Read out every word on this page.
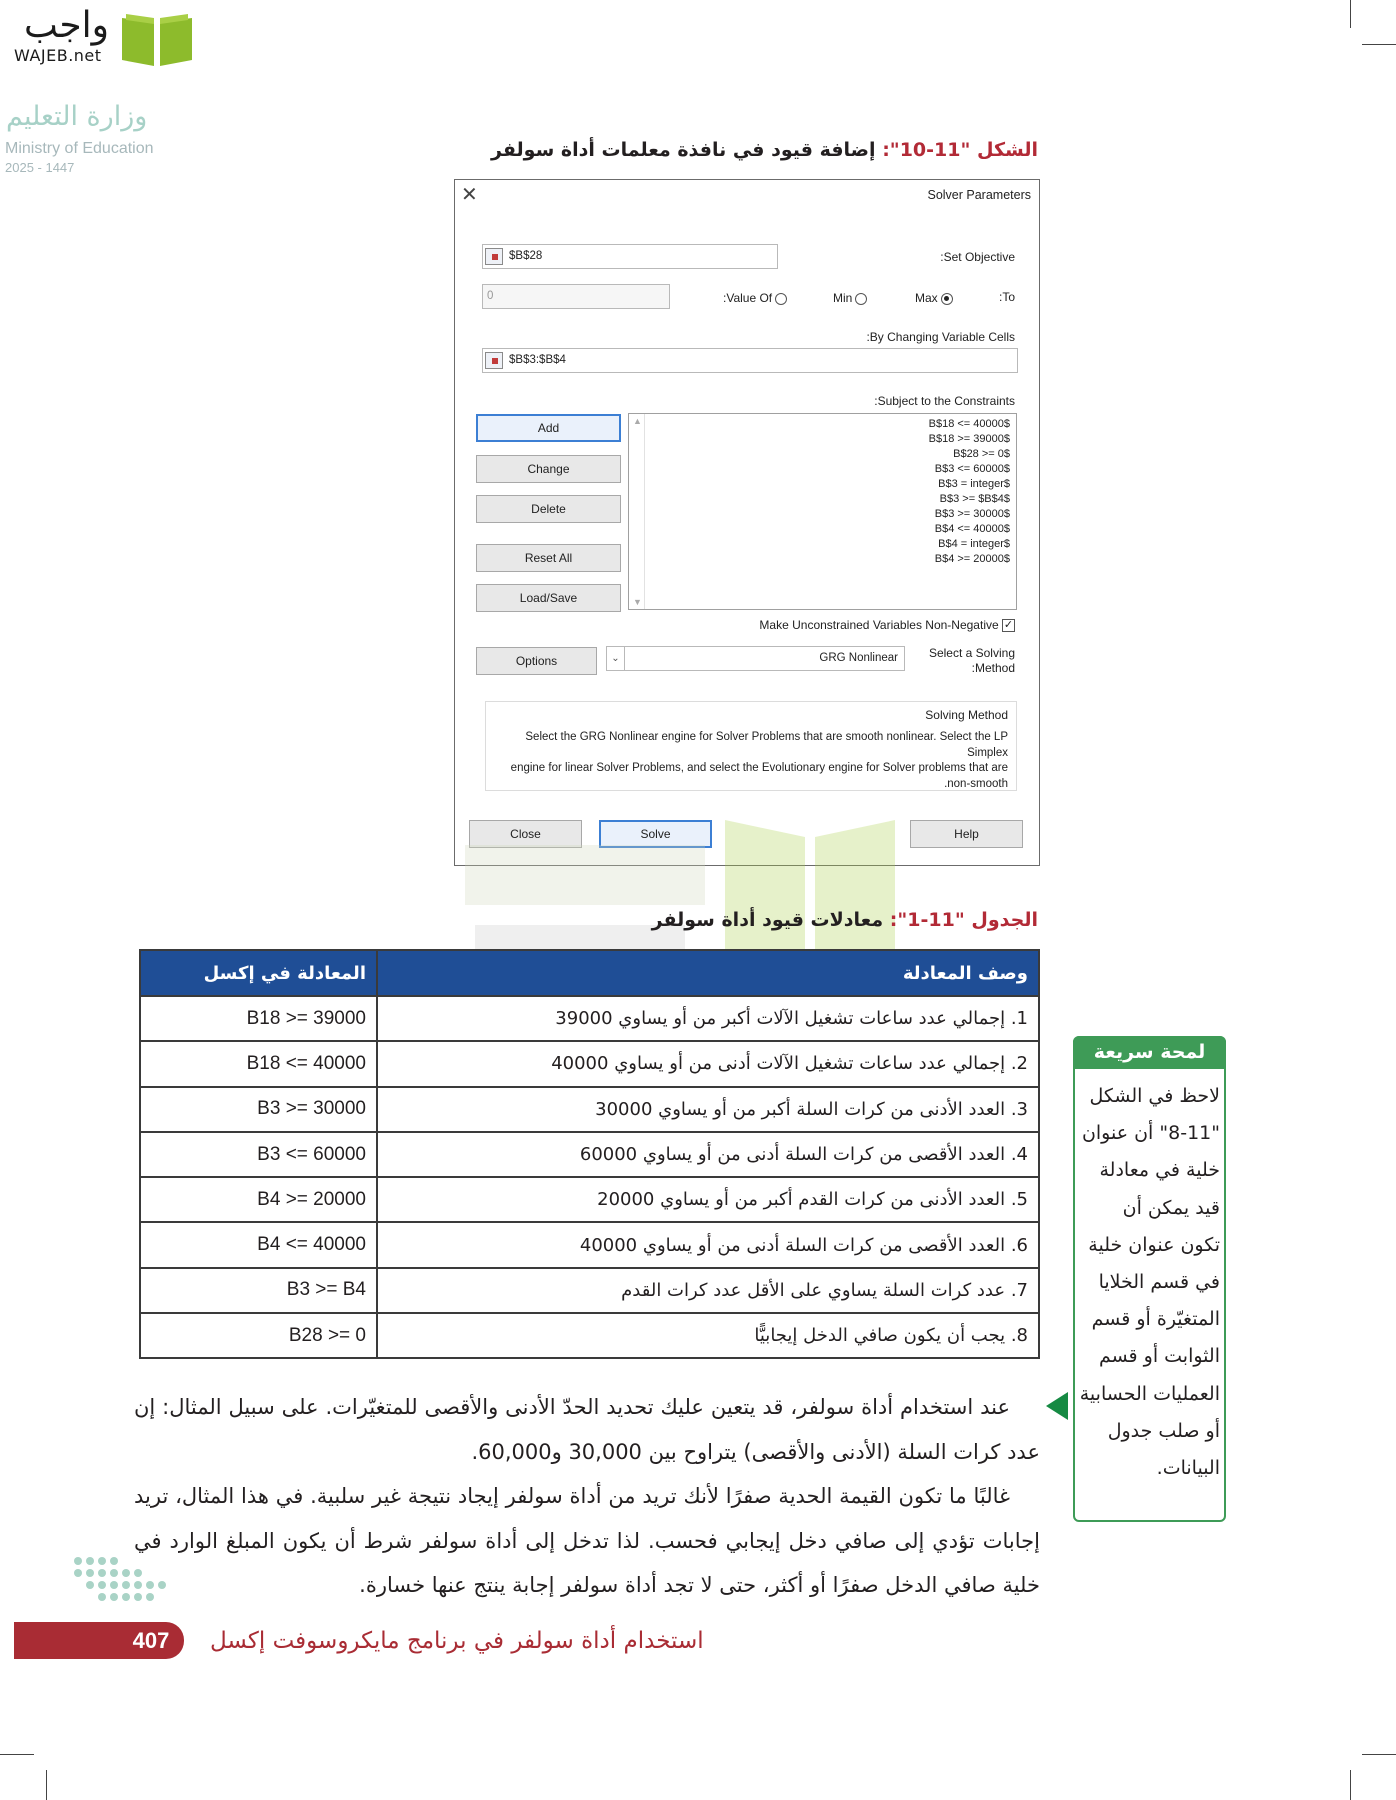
واجب
WAJEB.net
الشكل "11-10": إضافة قيود في نافذة معلمات أداة سولفر
Solver Parameters
✕
:Set Objective
$B$28
:To
Max
Min
:Value Of
0
:By Changing Variable Cells
$B$3:$B$4
:Subject to the Constraints
Add
Change
Delete
Reset All
Load/Save
▲
▼
B$18 <= 40000$
B$18 >= 39000$
B$28 >= 0$
B$3 <= 60000$
B$3 = integer$
B$3 >= $B$4$
B$3 >= 30000$
B$4 <= 40000$
B$4 = integer$
B$4 >= 20000$
Make Unconstrained Variables Non-Negative ✓
Options	⌄	GRG Nonlinear	Select a Solving
:Method
Solving Method
Select the GRG Nonlinear engine for Solver Problems that are smooth nonlinear. Select the LP Simplex
engine for linear Solver Problems, and select the Evolutionary engine for Solver problems that are
.non-smooth
Close	Solve	Help
الجدول "11-1": معادلات قيود أداة سولفر
وصف المعادلة	المعادلة في إكسل
1. إجمالي عدد ساعات تشغيل الآلات أكبر من أو يساوي 39000	B18 >= 39000
2. إجمالي عدد ساعات تشغيل الآلات أدنى من أو يساوي 40000	B18 <= 40000
3. العدد الأدنى من كرات السلة أكبر من أو يساوي 30000	B3 >= 30000
4. العدد الأقصى من كرات السلة أدنى من أو يساوي 60000	B3 <= 60000
5. العدد الأدنى من كرات القدم أكبر من أو يساوي 20000	B4 >= 20000
6. العدد الأقصى من كرات السلة أدنى من أو يساوي 40000	B4 <= 40000
7. عدد كرات السلة يساوي على الأقل عدد كرات القدم	B3 >= B4
8. يجب أن يكون صافي الدخل إيجابيًّا	B28 >= 0
لمحة سريعة
لاحظ في الشكل "11-8" أن عنوان خلية في معادلة قيد يمكن أن تكون عنوان خلية في قسم الخلايا المتغيّرة أو قسم الثوابت أو قسم العمليات الحسابية أو صلب جدول البيانات.

عند استخدام أداة سولفر، قد يتعين عليك تحديد الحدّ الأدنى والأقصى للمتغيّرات. على سبيل المثال: إن عدد كرات السلة (الأدنى والأقصى) يتراوح بين 30,000 و60,000.

غالبًا ما تكون القيمة الحدية صفرًا لأنك تريد من أداة سولفر إيجاد نتيجة غير سلبية. في هذا المثال، تريد إجابات تؤدي إلى صافي دخل إيجابي فحسب. لذا تدخل إلى أداة سولفر شرط أن يكون المبلغ الوارد في خلية صافي الدخل صفرًا أو أكثر، حتى لا تجد أداة سولفر إجابة ينتج عنها خسارة.

وزارة التعليم
Ministry of Education
2025 - 1447
407 استخدام أداة سولفر في برنامج مايكروسوفت إكسل
